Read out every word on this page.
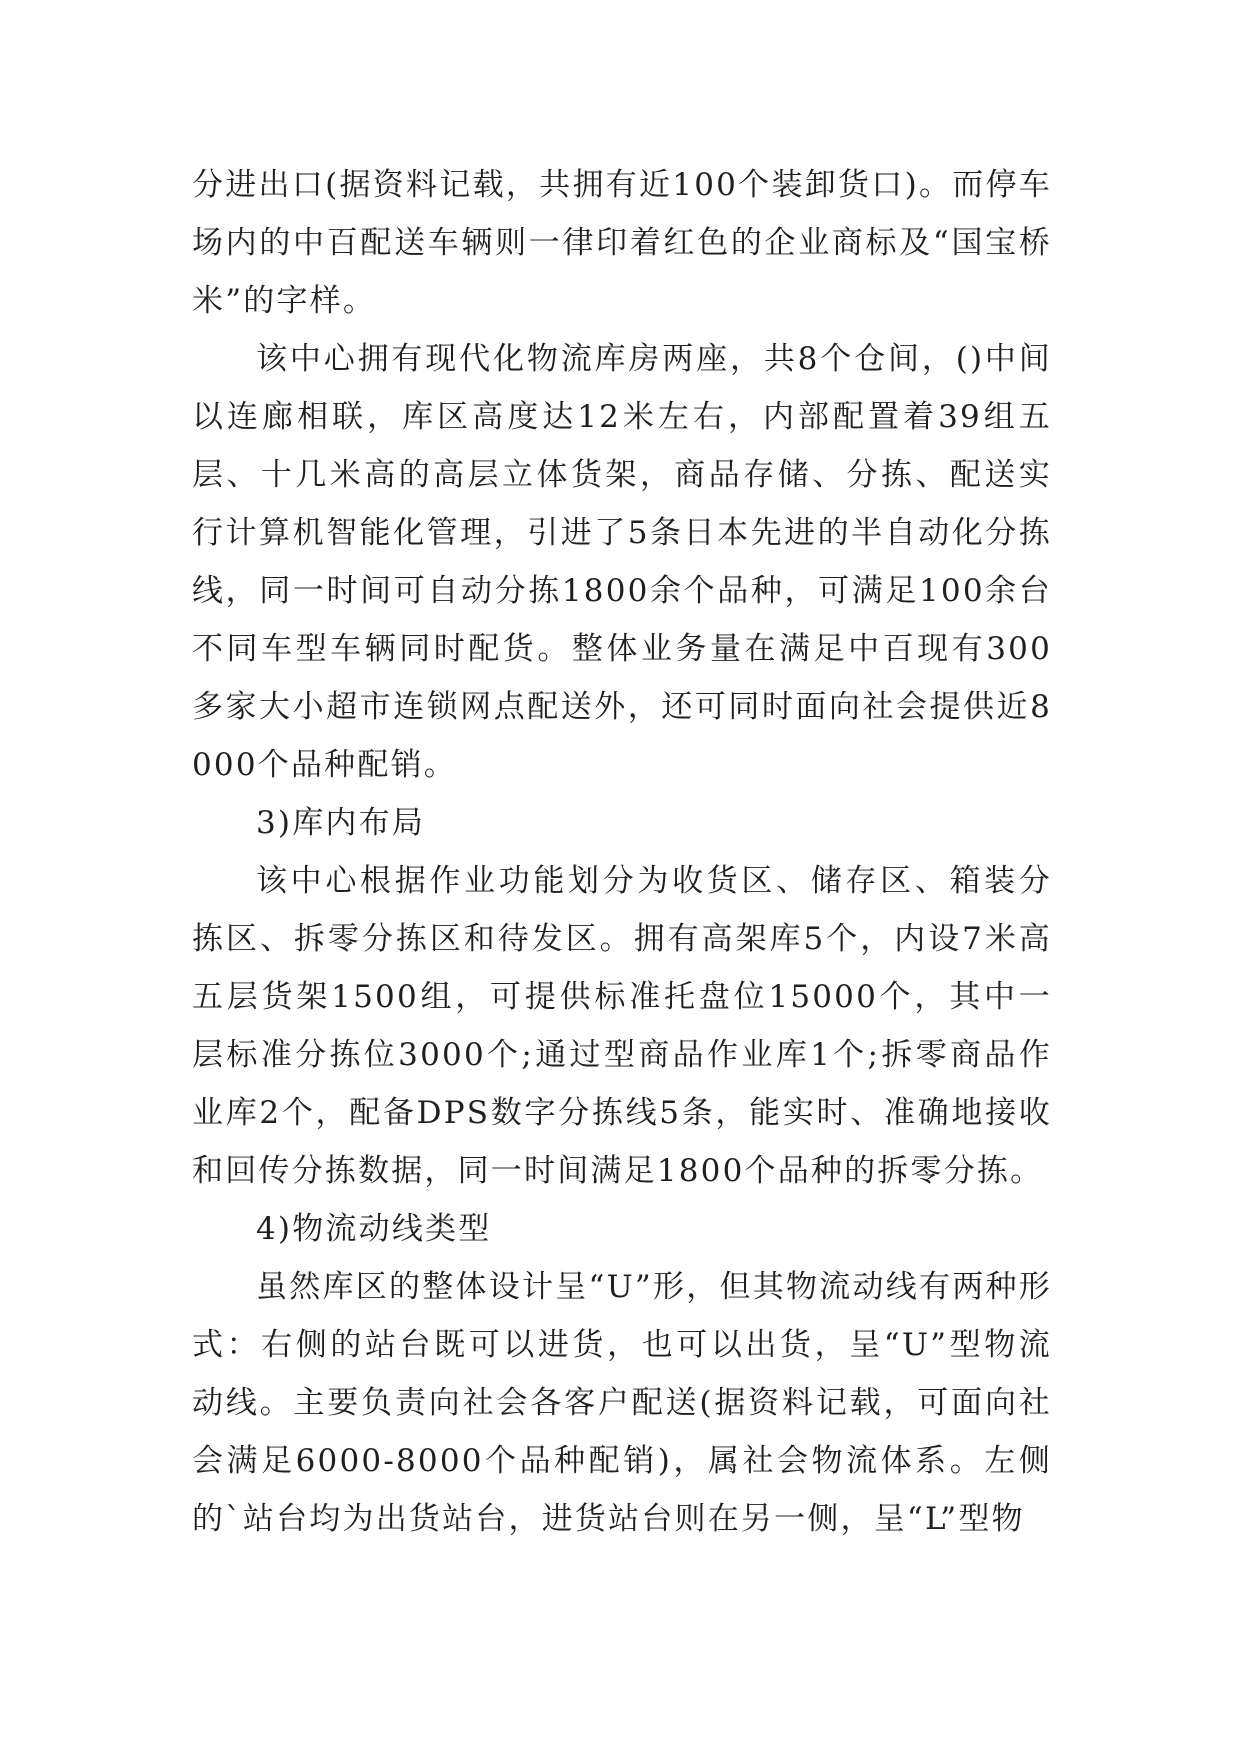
分进出口(据资料记载，共拥有近100个装卸货口)。而停车场内的中百配送车辆则一律印着红色的企业商标及“国宝桥米”的字样。

该中心拥有现代化物流库房两座，共8个仓间，()中间以连廊相联，库区高度达12米左右，内部配置着39组五层、十几米高的高层立体货架，商品存储、分拣、配送实行计算机智能化管理，引进了5条日本先进的半自动化分拣线，同一时间可自动分拣1800余个品种，可满足100余台不同车型车辆同时配货。整体业务量在满足中百现有300多家大小超市连锁网点配送外，还可同时面向社会提供近8000个品种配销。

3)库内布局

该中心根据作业功能划分为收货区、储存区、箱装分拣区、拆零分拣区和待发区。拥有高架库5个，内设7米高五层货架1500组，可提供标准托盘位15000个，其中一层标准分拣位3000个;通过型商品作业库1个;拆零商品作业库2个，配备DPS数字分拣线5条，能实时、准确地接收和回传分拣数据，同一时间满足1800个品种的拆零分拣。

4)物流动线类型

虽然库区的整体设计呈“U”形，但其物流动线有两种形式：右侧的站台既可以进货，也可以出货，呈“U”型物流动线。主要负责向社会各客户配送(据资料记载，可面向社会满足6000-8000个品种配销)，属社会物流体系。左侧的`站台均为出货站台，进货站台则在另一侧，呈“L”型物
